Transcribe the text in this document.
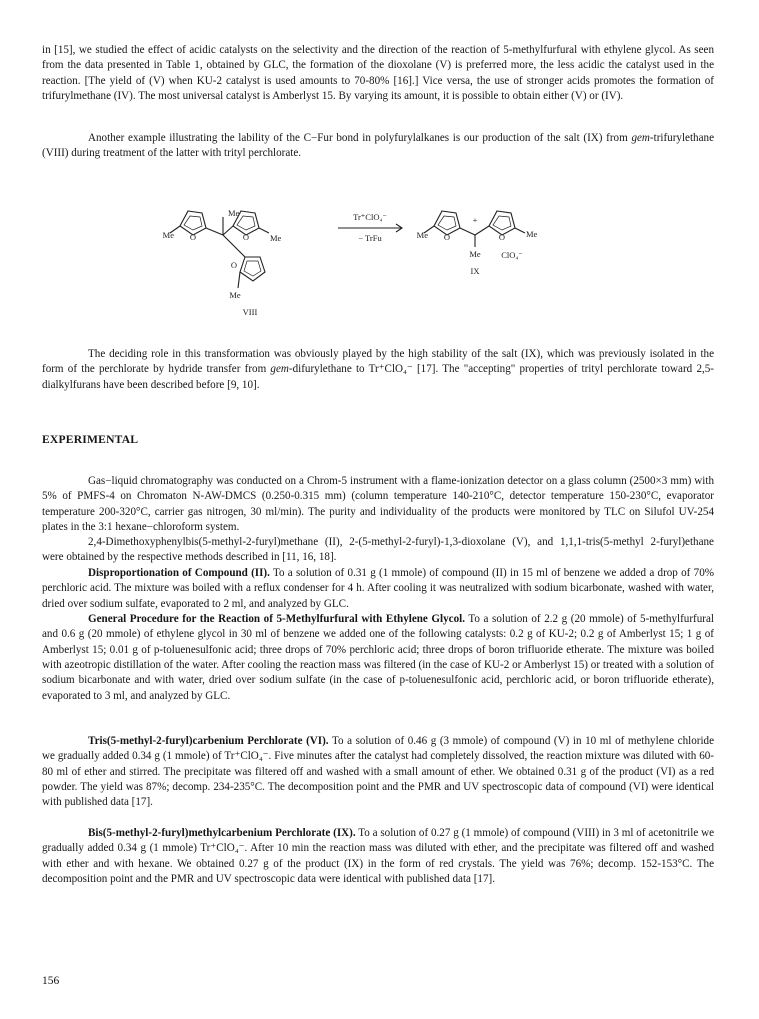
in [15], we studied the effect of acidic catalysts on the selectivity and the direction of the reaction of 5-methylfurfural with ethylene glycol. As seen from the data presented in Table 1, obtained by GLC, the formation of the dioxolane (V) is preferred more, the less acidic the catalyst used in the reaction. [The yield of (V) when KU-2 catalyst is used amounts to 70-80% [16].] Vice versa, the use of stronger acids promotes the formation of trifurylmethane (IV). The most universal catalyst is Amberlyst 15. By varying its amount, it is possible to obtain either (V) or (IV).

Another example illustrating the lability of the C−Fur bond in polyfurylalkanes is our production of the salt (IX) from gem-trifurylethane (VIII) during treatment of the latter with trityl perchlorate.

Me O
Me
O Me
O
Me
VIII
Tr⁺ClO₄⁻
− TrFu	Me O
+
O Me
Me ClO₄⁻
IX

The deciding role in this transformation was obviously played by the high stability of the salt (IX), which was previously isolated in the form of the perchlorate by hydride transfer from gem-difurylethane to Tr⁺ClO₄⁻ [17]. The "accepting" properties of trityl perchlorate toward 2,5-dialkylfurans have been described before [9, 10].

EXPERIMENTAL

Gas−liquid chromatography was conducted on a Chrom-5 instrument with a flame-ionization detector on a glass column (2500×3 mm) with 5% of PMFS-4 on Chromaton N-AW-DMCS (0.250-0.315 mm) (column temperature 140-210°C, detector temperature 150-230°C, evaporator temperature 200-320°C, carrier gas nitrogen, 30 ml/min). The purity and individuality of the products were monitored by TLC on Silufol UV-254 plates in the 3:1 hexane−chloroform system.

2,4-Dimethoxyphenylbis(5-methyl-2-furyl)methane (II), 2-(5-methyl-2-furyl)-1,3-dioxolane (V), and 1,1,1-tris(5-methyl 2-furyl)ethane were obtained by the respective methods described in [11, 16, 18].

Disproportionation of Compound (II). To a solution of 0.31 g (1 mmole) of compound (II) in 15 ml of benzene we added a drop of 70% perchloric acid. The mixture was boiled with a reflux condenser for 4 h. After cooling it was neutralized with sodium bicarbonate, washed with water, dried over sodium sulfate, evaporated to 2 ml, and analyzed by GLC.

General Procedure for the Reaction of 5-Methylfurfural with Ethylene Glycol. To a solution of 2.2 g (20 mmole) of 5-methylfurfural and 0.6 g (20 mmole) of ethylene glycol in 30 ml of benzene we added one of the following catalysts: 0.2 g of KU-2; 0.2 g of Amberlyst 15; 1 g of Amberlyst 15; 0.01 g of p-toluenesulfonic acid; three drops of 70% perchloric acid; three drops of boron trifluoride etherate. The mixture was boiled with azeotropic distillation of the water. After cooling the reaction mass was filtered (in the case of KU-2 or Amberlyst 15) or treated with a solution of sodium bicarbonate and with water, dried over sodium sulfate (in the case of p-toluenesulfonic acid, perchloric acid, or boron trifluoride etherate), evaporated to 3 ml, and analyzed by GLC.

Tris(5-methyl-2-furyl)carbenium Perchlorate (VI). To a solution of 0.46 g (3 mmole) of compound (V) in 10 ml of methylene chloride we gradually added 0.34 g (1 mmole) of Tr⁺ClO₄⁻. Five minutes after the catalyst had completely dissolved, the reaction mixture was diluted with 60-80 ml of ether and stirred. The precipitate was filtered off and washed with a small amount of ether. We obtained 0.31 g of the product (VI) as a red powder. The yield was 87%; decomp. 234-235°C. The decomposition point and the PMR and UV spectroscopic data of compound (VI) were identical with published data [17].

Bis(5-methyl-2-furyl)methylcarbenium Perchlorate (IX). To a solution of 0.27 g (1 mmole) of compound (VIII) in 3 ml of acetonitrile we gradually added 0.34 g (1 mmole) Tr⁺ClO₄⁻. After 10 min the reaction mass was diluted with ether, and the precipitate was filtered off and washed with ether and with hexane. We obtained 0.27 g of the product (IX) in the form of red crystals. The yield was 76%; decomp. 152-153°C. The decomposition point and the PMR and UV spectroscopic data were identical with published data [17].

156
